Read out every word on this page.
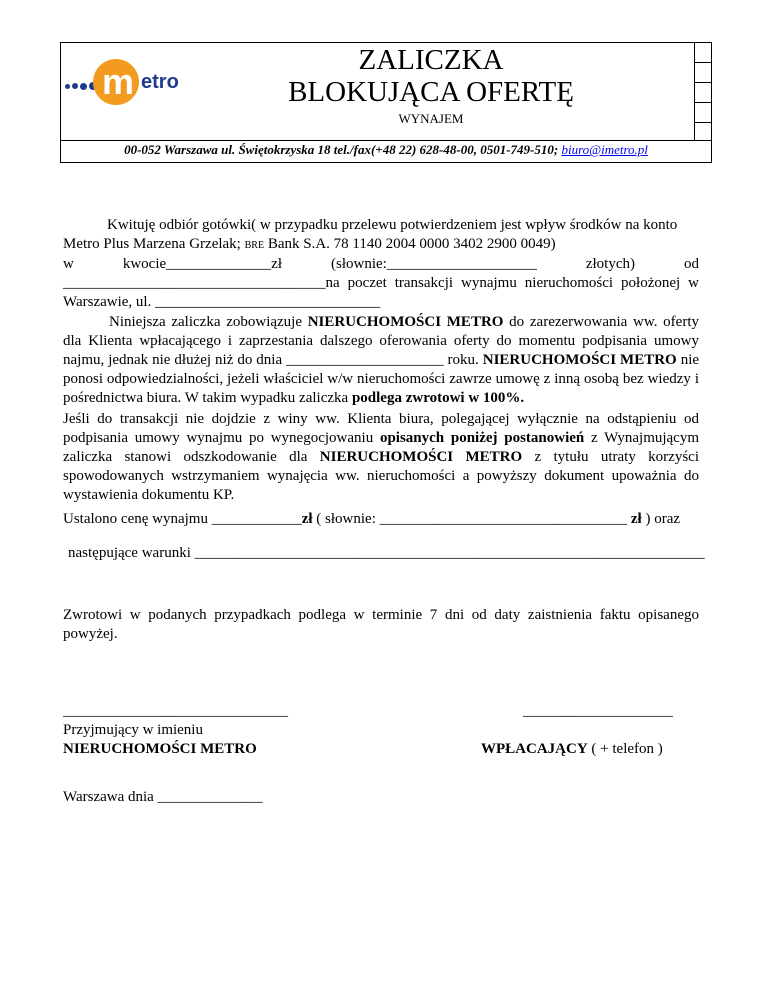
m etro
ZALICZKA
BLOKUJĄCA OFERTĘ
WYNAJEM
00-052 Warszawa ul. Świętokrzyska 18 tel./fax(+48 22) 628-48-00, 0501-749-510; biuro@imetro.pl
Kwituję odbiór gotówki( w przypadku przelewu potwierdzeniem jest wpływ środków na konto
Metro Plus Marzena Grzelak; BRE Bank S.A. 78 1140 2004 0000 3402 2900 0049)
w kwocie______________zł (słownie:____________________ złotych) od
___________________________________na poczet transakcji wynajmu nieruchomości położonej w
Warszawie, ul. ______________________________
Niniejsza zaliczka zobowiązuje NIERUCHOMOŚCI METRO do zarezerwowania ww. oferty dla Klienta wpłacającego i zaprzestania dalszego oferowania oferty do momentu podpisania umowy najmu, jednak nie dłużej niż do dnia _____________________ roku. NIERUCHOMOŚCI METRO nie ponosi odpowiedzialności, jeżeli właściciel w/w nieruchomości zawrze umowę z inną osobą bez wiedzy i pośrednictwa biura. W takim wypadku zaliczka podlega zwrotowi w 100%.
Jeśli do transakcji nie dojdzie z winy ww. Klienta biura, polegającej wyłącznie na odstąpieniu od podpisania umowy wynajmu po wynegocjowaniu opisanych poniżej postanowień z Wynajmującym zaliczka stanowi odszkodowanie dla NIERUCHOMOŚCI METRO z tytułu utraty korzyści spowodowanych wstrzymaniem wynajęcia ww. nieruchomości a powyższy dokument upoważnia do wystawienia dokumentu KP.
Ustalono cenę wynajmu ____________zł ( słownie: _________________________________ zł ) oraz
następujące warunki ____________________________________________________________________
Zwrotowi w podanych przypadkach podlega w terminie 7 dni od daty zaistnienia faktu opisanego powyżej.
______________________________
Przyjmujący w imieniu
NIERUCHOMOŚCI METRO
____________________
WPŁACAJĄCY ( + telefon )
Warszawa dnia ______________
